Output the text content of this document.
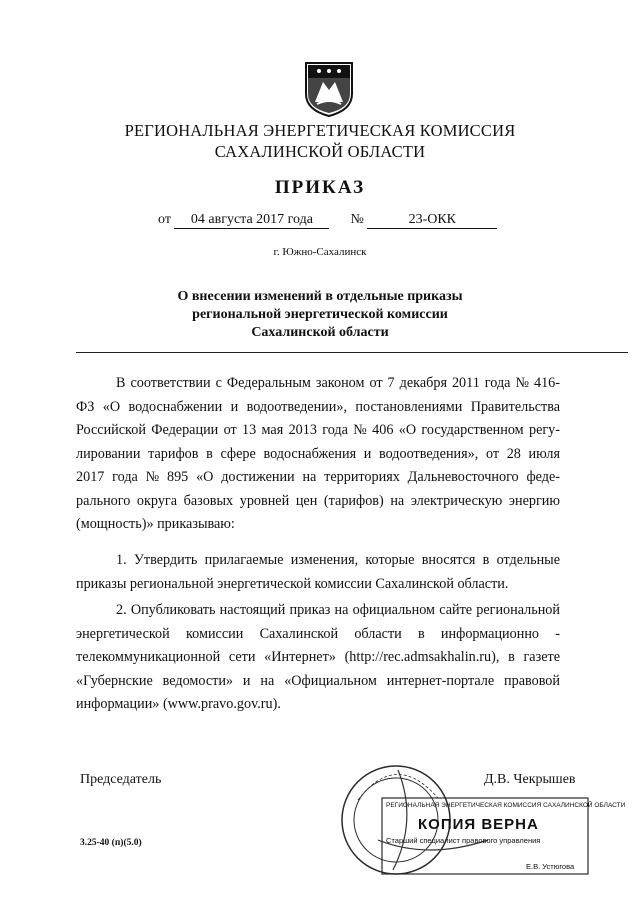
РЕГИОНАЛЬНАЯ ЭНЕРГЕТИЧЕСКАЯ КОМИССИЯ
САХАЛИНСКОЙ ОБЛАСТИ
ПРИКАЗ
от 04 августа 2017 года	№	23-ОКК
г. Южно-Сахалинск
О внесении изменений в отдельные приказы
региональной энергетической комиссии
Сахалинской области
В соответствии с Федеральным законом от 7 декабря 2011 года № 416-
ФЗ «О водоснабжении и водоотведении», постановлениями Правительства
Российской Федерации от 13 мая 2013 года № 406 «О государственном регу-
лировании тарифов в сфере водоснабжения и водоотведения», от 28 июля
2017 года № 895 «О достижении на территориях Дальневосточного феде-
рального округа базовых уровней цен (тарифов) на электрическую энергию
(мощность)» приказываю:
1. Утвердить прилагаемые изменения, которые вносятся в отдельные
приказы региональной энергетической комиссии Сахалинской области.
2. Опубликовать настоящий приказ на официальном сайте региональной
энергетической комиссии Сахалинской области в информационно -
телекоммуникационной сети «Интернет» (http://rec.admsakhalin.ru), в газете
«Губернские ведомости» и на «Официальном интернет-портале правовой
информации» (www.pravo.gov.ru).
Председатель	Д.В. Чекрышев
3.25-40 (п)(5.0)
РЕГИОНАЛЬНАЯ ЭНЕРГЕТИЧЕСКАЯ КОМИССИЯ САХАЛИНСКОЙ ОБЛАСТИ
КОПИЯ ВЕРНА
Старший специалист правового управления
Е.В. Устюгова
